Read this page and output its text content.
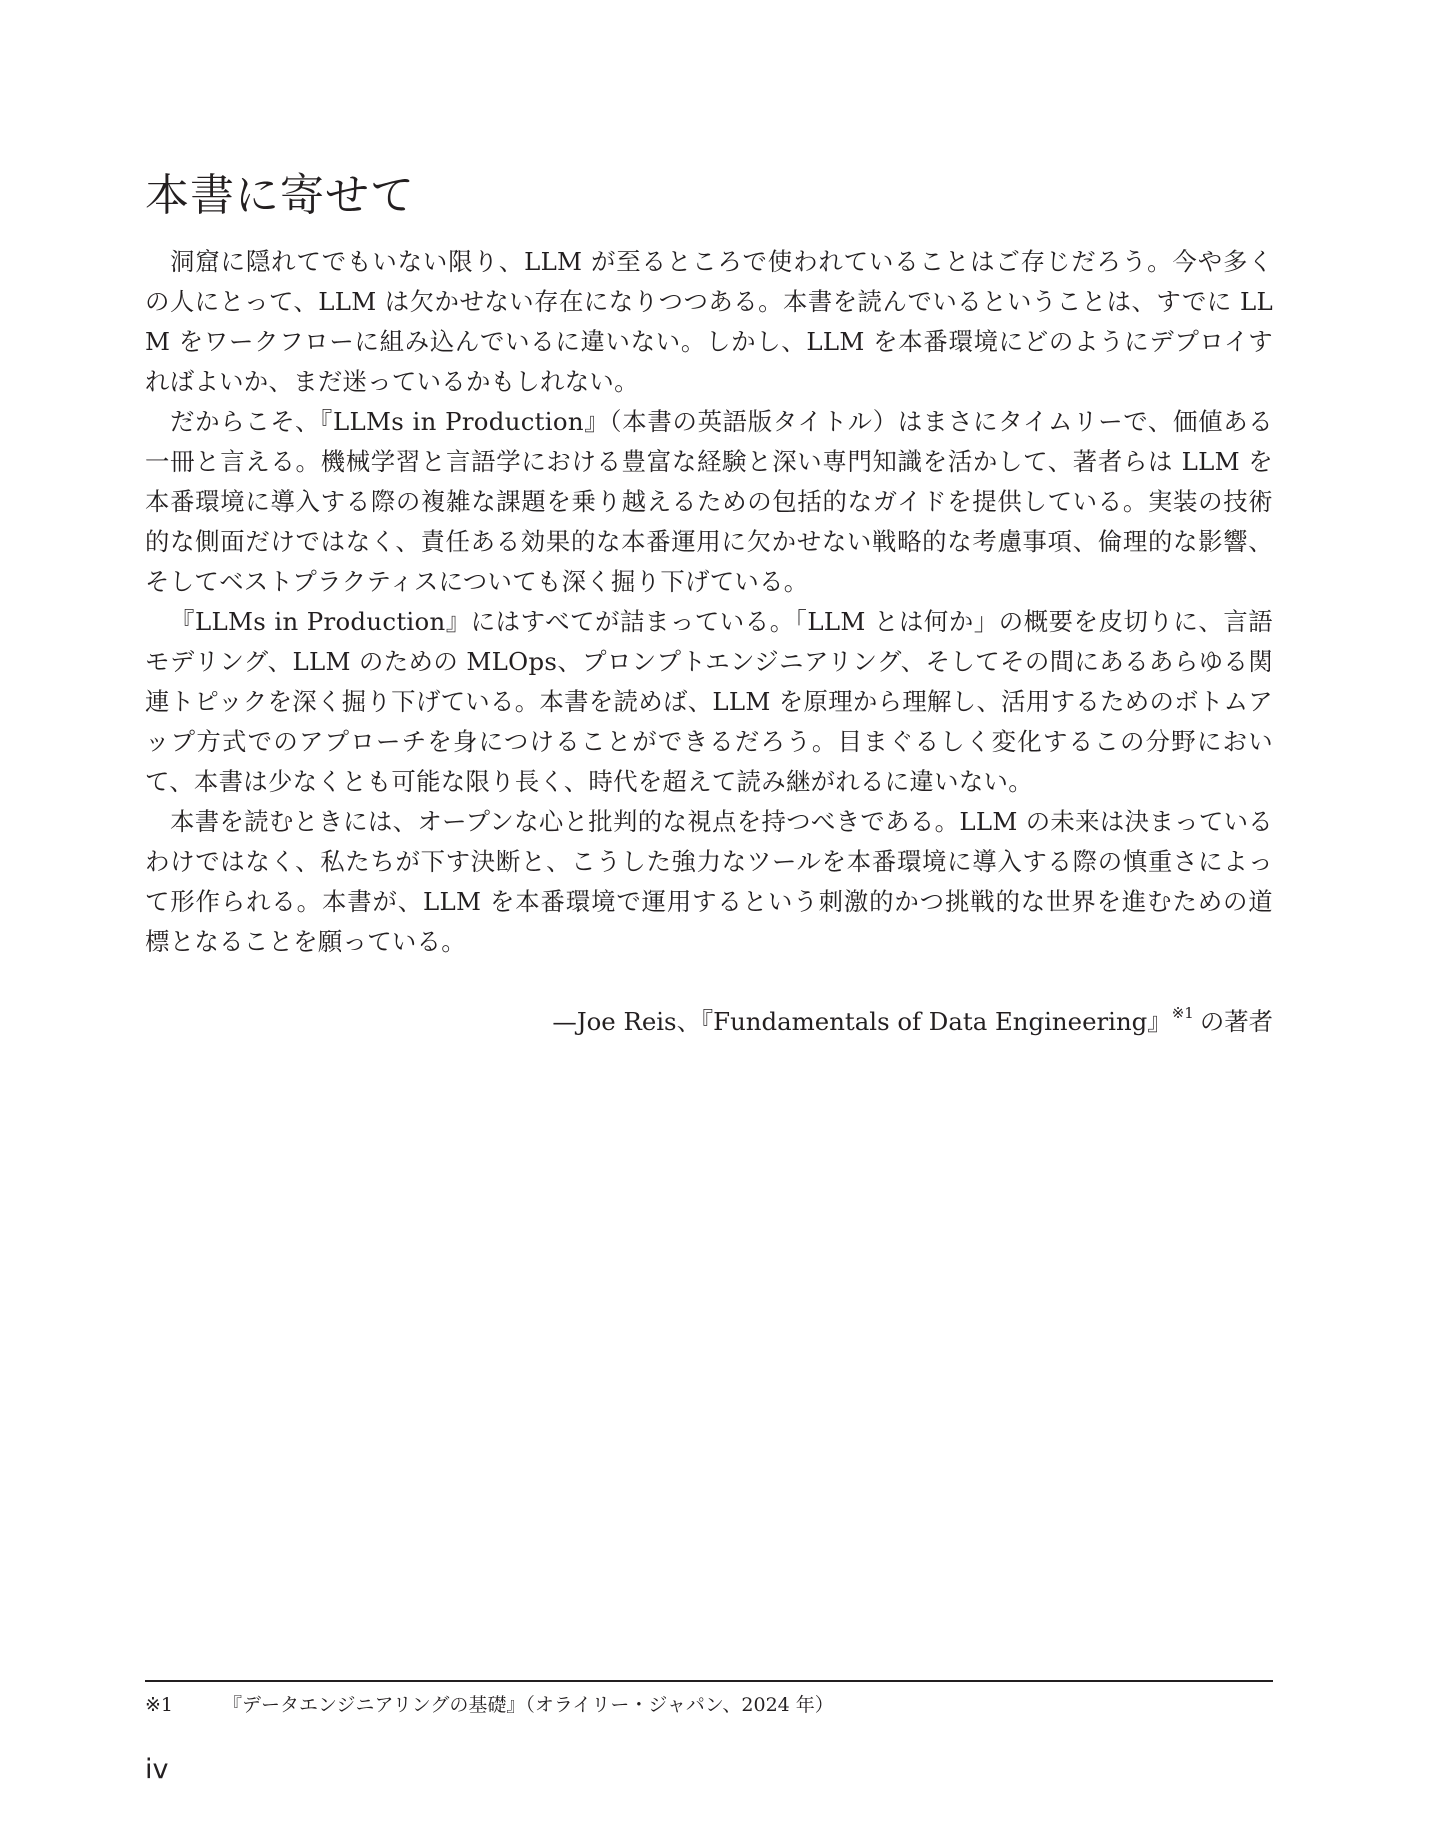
本書に寄せて

洞窟に隠れてでもいない限り、LLM が至るところで使われていることはご存じだろう。今や多くの人にとって、LLM は欠かせない存在になりつつある。本書を読んでいるということは、すでに LLM をワークフローに組み込んでいるに違いない。しかし、LLM を本番環境にどのようにデプロイすればよいか、まだ迷っているかもしれない。

だからこそ、『LLMs in Production』（本書の英語版タイトル）はまさにタイムリーで、価値ある一冊と言える。機械学習と言語学における豊富な経験と深い専門知識を活かして、著者らは LLM を本番環境に導入する際の複雑な課題を乗り越えるための包括的なガイドを提供している。実装の技術的な側面だけではなく、責任ある効果的な本番運用に欠かせない戦略的な考慮事項、倫理的な影響、そしてベストプラクティスについても深く掘り下げている。

『LLMs in Production』にはすべてが詰まっている。「LLM とは何か」の概要を皮切りに、言語モデリング、LLM のための MLOps、プロンプトエンジニアリング、そしてその間にあるあらゆる関連トピックを深く掘り下げている。本書を読めば、LLM を原理から理解し、活用するためのボトムアップ方式でのアプローチを身につけることができるだろう。目まぐるしく変化するこの分野において、本書は少なくとも可能な限り長く、時代を超えて読み継がれるに違いない。

本書を読むときには、オープンな心と批判的な視点を持つべきである。LLM の未来は決まっているわけではなく、私たちが下す決断と、こうした強力なツールを本番環境に導入する際の慎重さによって形作られる。本書が、LLM を本番環境で運用するという刺激的かつ挑戦的な世界を進むための道標となることを願っている。

—Joe Reis、『Fundamentals of Data Engineering』$^{※1}$ の著者
※1	『データエンジニアリングの基礎』（オライリー・ジャパン、2024 年）
iv
